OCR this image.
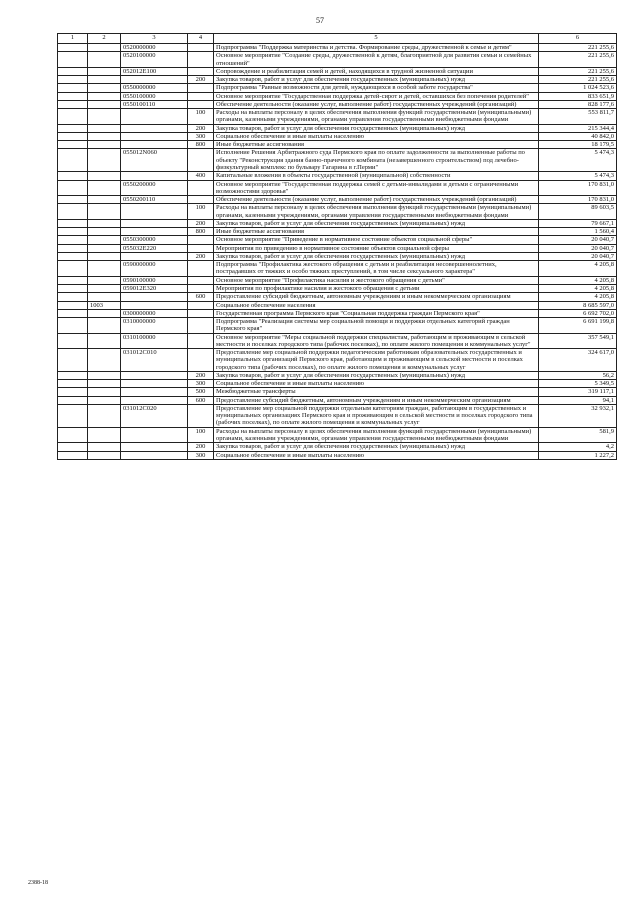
57
1	2	3	4	5	6
		0520000000		Подпрограмма "Поддержка материнства и детства. Формирование среды, дружественной к семье и детям"	221 255,6
		0520100000		Основное мероприятие "Создание среды, дружественной к детям, благоприятной для развития семьи и семейных отношений"	221 255,6
		052012Е100		Сопровождение и реабилитация семей и детей, находящихся в трудной жизненной ситуации	221 255,6
			200	Закупка товаров, работ и услуг для обеспечения государственных (муниципальных) нужд	221 255,6
		0550000000		Подпрограмма "Равные возможности для детей, нуждающихся в особой заботе государства"	1 024 523,6
		0550100000		Основное мероприятие "Государственная поддержка детей-сирот и детей, оставшихся без попечения родителей"	833 651,9
		0550100110		Обеспечение деятельности (оказание услуг, выполнение работ) государственных учреждений (организаций)	828 177,6
			100	Расходы на выплаты персоналу в целях обеспечения выполнения функций государственными (муниципальными) органами, казенными учреждениями, органами управления государственными внебюджетными фондами	553 811,7
			200	Закупка товаров, работ и услуг для обеспечения государственных (муниципальных) нужд	215 344,4
			300	Социальное обеспечение и иные выплаты населению	40 842,0
			800	Иные бюджетные ассигнования	18 179,5
		055012N060		Исполнение Решения Арбитражного суда Пермского края по оплате задолженности за выполненные работы по объекту "Реконструкция здания банно-прачечного комбината (незавершенного строительством) под лечебно-физкультурный комплекс по бульвару Гагарина в г.Перми"	5 474,3
			400	Капитальные вложения в объекты государственной (муниципальной) собственности	5 474,3
		0550200000		Основное мероприятие "Государственная поддержка семей с детьми-инвалидами и детьми с ограниченными возможностями здоровья"	170 831,0
		0550200110		Обеспечение деятельности (оказание услуг, выполнение работ) государственных учреждений (организаций)	170 831,0
			100	Расходы на выплаты персоналу в целях обеспечения выполнения функций государственными (муниципальными) органами, казенными учреждениями, органами управления государственными внебюджетными фондами	89 603,5
			200	Закупка товаров, работ и услуг для обеспечения государственных (муниципальных) нужд	79 667,1
			800	Иные бюджетные ассигнования	1 560,4
		0550300000		Основное мероприятие "Приведение в нормативное состояние объектов социальной сферы"	20 040,7
		055032Е220		Мероприятия по приведению в нормативное состояние объектов социальной сферы	20 040,7
			200	Закупка товаров, работ и услуг для обеспечения государственных (муниципальных) нужд	20 040,7
		0590000000		Подпрограмма "Профилактика жестокого обращения с детьми и реабилитация несовершеннолетних, пострадавших от тяжких и особо тяжких преступлений, в том числе сексуального характера"	4 205,8
		0590100000		Основное мероприятие "Профилактика насилия и жестокого обращения с детьми"	4 205,8
		059012Е320		Мероприятия по профилактике насилия и жестокого обращения с детьми	4 205,8
			600	Предоставление субсидий бюджетным, автономным учреждениям и иным некоммерческим организациям	4 205,8
	1003			Социальное обеспечение населения	8 685 597,0
		0300000000		Государственная программа Пермского края "Социальная поддержка граждан Пермского края"	6 692 702,0
		0310000000		Подпрограмма "Реализация системы мер социальной помощи и поддержки отдельных категорий граждан Пермского края"	6 691 199,8
		0310100000		Основное мероприятие "Меры социальной поддержки специалистам, работающим и проживающим в сельской местности и поселках городского типа (рабочих поселках), по оплате жилого помещения и коммунальных услуг"	357 549,1
		031012С010		Предоставление мер социальной поддержки педагогическим работникам образовательных государственных и муниципальных организаций Пермского края, работающим и проживающим в сельской местности и поселках городского типа (рабочих поселках), по оплате жилого помещения и коммунальных услуг	324 617,0
			200	Закупка товаров, работ и услуг для обеспечения государственных (муниципальных) нужд	56,2
			300	Социальное обеспечение и иные выплаты населению	5 349,5
			500	Межбюджетные трансферты	319 117,1
			600	Предоставление субсидий бюджетным, автономным учреждениям и иным некоммерческим организациям	94,1
		031012С020		Предоставление мер социальной поддержки отдельным категориям граждан, работающим в государственных и муниципальных организациях Пермского края и проживающим в сельской местности и поселках городского типа (рабочих поселках), по оплате жилого помещения и коммунальных услуг	32 932,1
			100	Расходы на выплаты персоналу в целях обеспечения выполнения функций государственными (муниципальными) органами, казенными учреждениями, органами управления государственными внебюджетными фондами	581,9
			200	Закупка товаров, работ и услуг для обеспечения государственных (муниципальных) нужд	4,2
			300	Социальное обеспечение и иные выплаты населению	1 227,2
2388-18
